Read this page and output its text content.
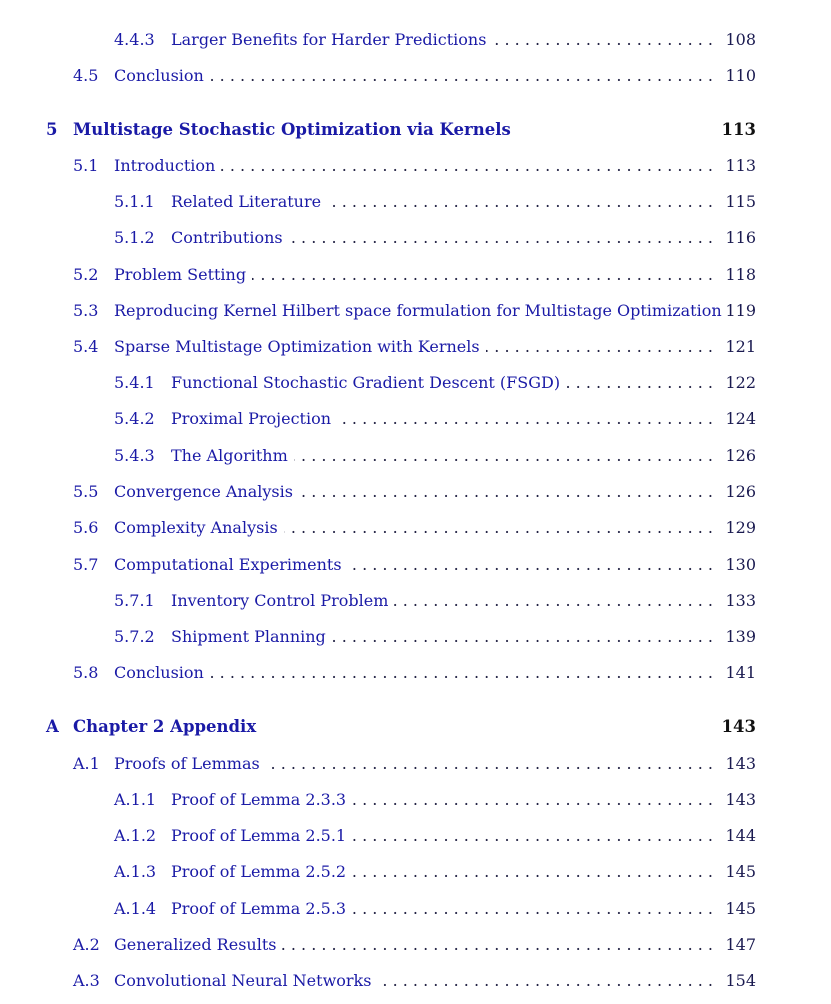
4.4.3 Larger Benefits for Harder Predictions . . .	108
4.5 Conclusion . . .	110
5 Multistage Stochastic Optimization via Kernels	113
5.1 Introduction . . .	113
5.1.1 Related Literature . . .	115
5.1.2 Contributions . . .	116
5.2 Problem Setting . . .	118
5.3 Reproducing Kernel Hilbert space formulation for Multistage Optimization 119
5.4 Sparse Multistage Optimization with Kernels . . .	121
5.4.1 Functional Stochastic Gradient Descent (FSGD) . . .	122
5.4.2 Proximal Projection . . .	124
5.4.3 The Algorithm . . .	126
5.5 Convergence Analysis . . .	126
5.6 Complexity Analysis . . .	129
5.7 Computational Experiments . . .	130
5.7.1 Inventory Control Problem . . .	133
5.7.2 Shipment Planning . . .	139
5.8 Conclusion . . .	141
A Chapter 2 Appendix	143
A.1 Proofs of Lemmas . . .	143
A.1.1 Proof of Lemma 2.3.3 . . .	143
A.1.2 Proof of Lemma 2.5.1 . . .	144
A.1.3 Proof of Lemma 2.5.2 . . .	145
A.1.4 Proof of Lemma 2.5.3 . . .	145
A.2 Generalized Results . . .	147
A.3 Convolutional Neural Networks . . .	154
